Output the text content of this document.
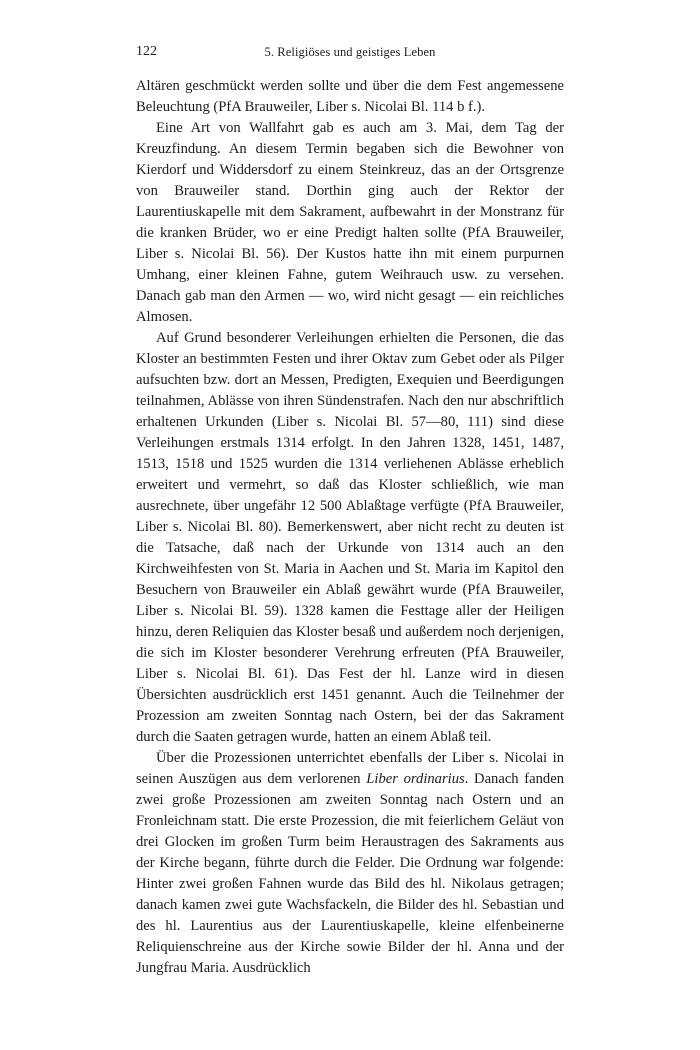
122	5. Religiöses und geistiges Leben

Altären geschmückt werden sollte und über die dem Fest angemessene Beleuchtung (PfA Brauweiler, Liber s. Nicolai Bl. 114 b f.).

Eine Art von Wallfahrt gab es auch am 3. Mai, dem Tag der Kreuzfindung. An diesem Termin begaben sich die Bewohner von Kierdorf und Widdersdorf zu einem Steinkreuz, das an der Ortsgrenze von Brauweiler stand. Dorthin ging auch der Rektor der Laurentiuskapelle mit dem Sakrament, aufbewahrt in der Monstranz für die kranken Brüder, wo er eine Predigt halten sollte (PfA Brauweiler, Liber s. Nicolai Bl. 56). Der Kustos hatte ihn mit einem purpurnen Umhang, einer kleinen Fahne, gutem Weihrauch usw. zu versehen. Danach gab man den Armen — wo, wird nicht gesagt — ein reichliches Almosen.

Auf Grund besonderer Verleihungen erhielten die Personen, die das Kloster an bestimmten Festen und ihrer Oktav zum Gebet oder als Pilger aufsuchten bzw. dort an Messen, Predigten, Exequien und Beerdigungen teilnahmen, Ablässe von ihren Sündenstrafen. Nach den nur abschriftlich erhaltenen Urkunden (Liber s. Nicolai Bl. 57—80, 111) sind diese Verleihungen erstmals 1314 erfolgt. In den Jahren 1328, 1451, 1487, 1513, 1518 und 1525 wurden die 1314 verliehenen Ablässe erheblich erweitert und vermehrt, so daß das Kloster schließlich, wie man ausrechnete, über ungefähr 12 500 Ablaßtage verfügte (PfA Brauweiler, Liber s. Nicolai Bl. 80). Bemerkenswert, aber nicht recht zu deuten ist die Tatsache, daß nach der Urkunde von 1314 auch an den Kirchweihfesten von St. Maria in Aachen und St. Maria im Kapitol den Besuchern von Brauweiler ein Ablaß gewährt wurde (PfA Brauweiler, Liber s. Nicolai Bl. 59). 1328 kamen die Festtage aller der Heiligen hinzu, deren Reliquien das Kloster besaß und außerdem noch derjenigen, die sich im Kloster besonderer Verehrung erfreuten (PfA Brauweiler, Liber s. Nicolai Bl. 61). Das Fest der hl. Lanze wird in diesen Übersichten ausdrücklich erst 1451 genannt. Auch die Teilnehmer der Prozession am zweiten Sonntag nach Ostern, bei der das Sakrament durch die Saaten getragen wurde, hatten an einem Ablaß teil.

Über die Prozessionen unterrichtet ebenfalls der Liber s. Nicolai in seinen Auszügen aus dem verlorenen Liber ordinarius. Danach fanden zwei große Prozessionen am zweiten Sonntag nach Ostern und an Fronleichnam statt. Die erste Prozession, die mit feierlichem Geläut von drei Glocken im großen Turm beim Heraustragen des Sakraments aus der Kirche begann, führte durch die Felder. Die Ordnung war folgende: Hinter zwei großen Fahnen wurde das Bild des hl. Nikolaus getragen; danach kamen zwei gute Wachsfackeln, die Bilder des hl. Sebastian und des hl. Laurentius aus der Laurentiuskapelle, kleine elfenbeinerne Reliquienschreine aus der Kirche sowie Bilder der hl. Anna und der Jungfrau Maria. Ausdrücklich
